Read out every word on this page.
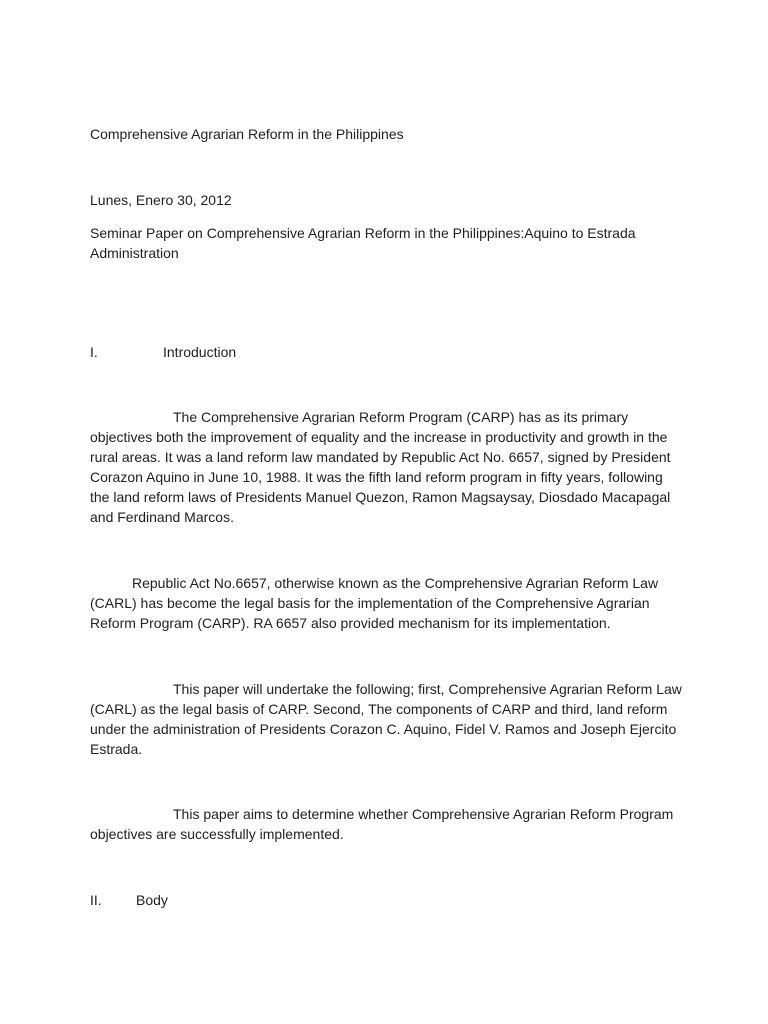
Comprehensive Agrarian Reform in the Philippines
Lunes, Enero 30, 2012
Seminar Paper on Comprehensive Agrarian Reform in the Philippines:Aquino to Estrada
Administration
I.	Introduction
The Comprehensive Agrarian Reform Program (CARP) has as its primary
objectives both the improvement of equality and the increase in productivity and growth in the
rural areas. It was a land reform law mandated by Republic Act No. 6657, signed by President
Corazon Aquino in June 10, 1988. It was the fifth land reform program in fifty years, following
the land reform laws of Presidents Manuel Quezon, Ramon Magsaysay, Diosdado Macapagal
and Ferdinand Marcos.
Republic Act No.6657, otherwise known as the Comprehensive Agrarian Reform Law
(CARL) has become the legal basis for the implementation of the Comprehensive Agrarian
Reform Program (CARP). RA 6657 also provided mechanism for its implementation.
This paper will undertake the following; first, Comprehensive Agrarian Reform Law
(CARL) as the legal basis of CARP. Second, The components of CARP and third, land reform
under the administration of Presidents Corazon C. Aquino, Fidel V. Ramos and Joseph Ejercito
Estrada.
This paper aims to determine whether Comprehensive Agrarian Reform Program
objectives are successfully implemented.
II. Body
